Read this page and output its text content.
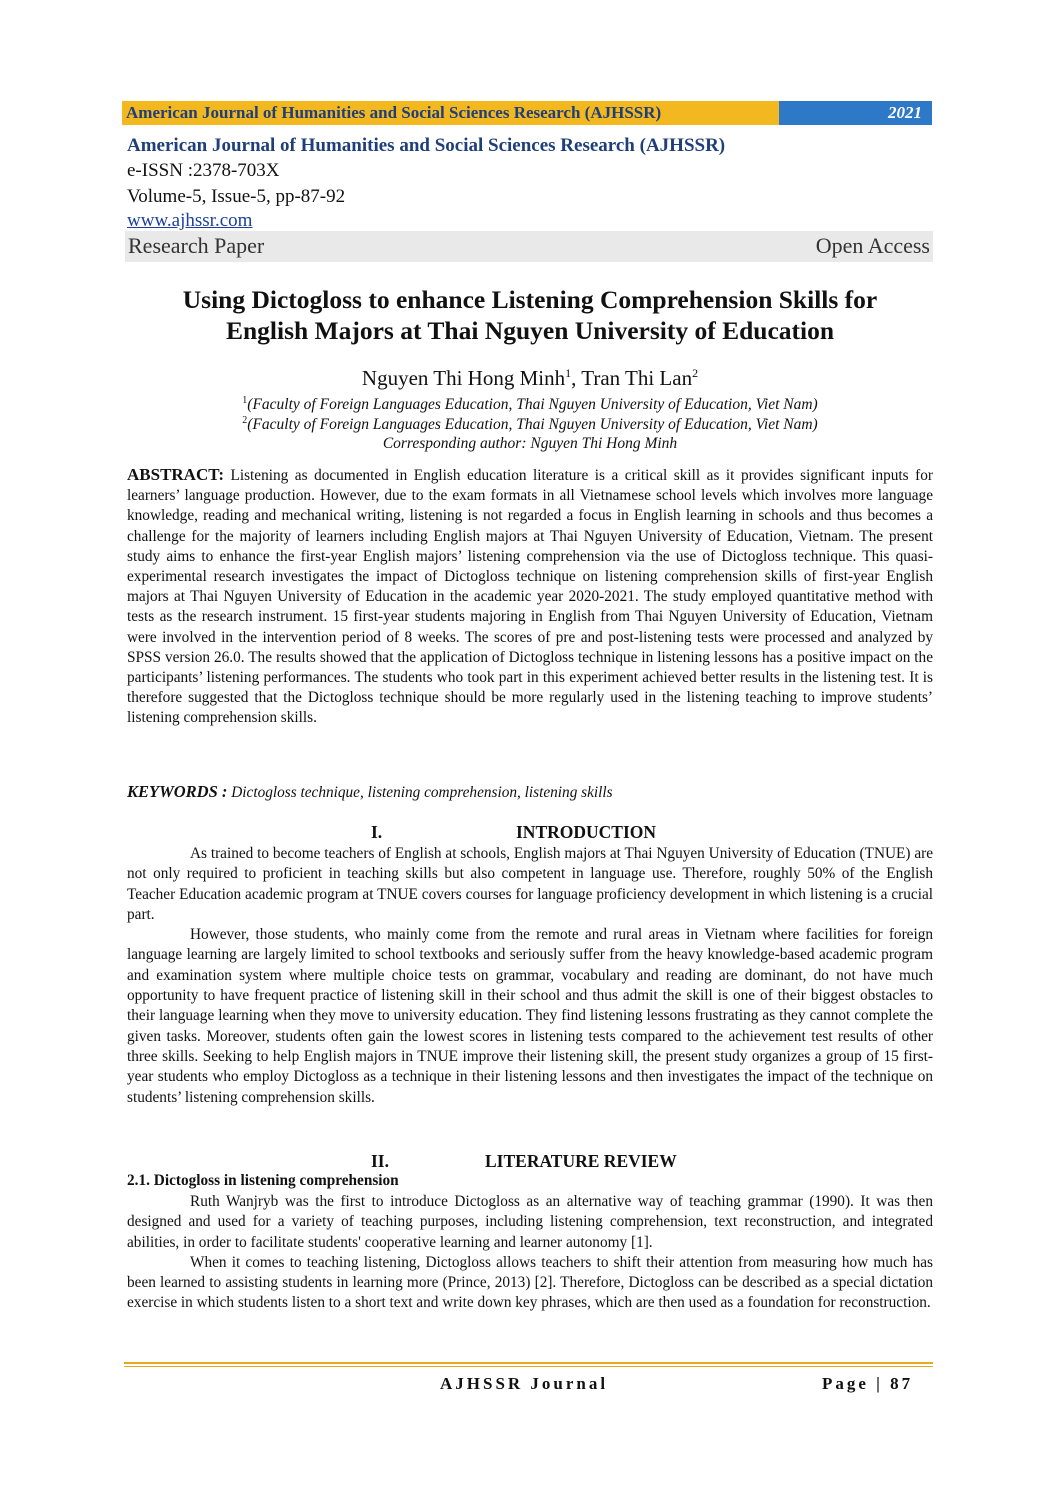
American Journal of Humanities and Social Sciences Research (AJHSSR)	2021
American Journal of Humanities and Social Sciences Research (AJHSSR)
e-ISSN :2378-703X
Volume-5, Issue-5, pp-87-92
www.ajhssr.com
Research Paper	Open Access
Using Dictogloss to enhance Listening Comprehension Skills for
English Majors at Thai Nguyen University of Education
Nguyen Thi Hong Minh$^1$, Tran Thi Lan$^2$
$^1$(Faculty of Foreign Languages Education, Thai Nguyen University of Education, Viet Nam)
$^2$(Faculty of Foreign Languages Education, Thai Nguyen University of Education, Viet Nam)
Corresponding author: Nguyen Thi Hong Minh
ABSTRACT: Listening as documented in English education literature is a critical skill as it provides significant inputs for learners’ language production. However, due to the exam formats in all Vietnamese school levels which involves more language knowledge, reading and mechanical writing, listening is not regarded a focus in English learning in schools and thus becomes a challenge for the majority of learners including English majors at Thai Nguyen University of Education, Vietnam. The present study aims to enhance the first-year English majors’ listening comprehension via the use of Dictogloss technique. This quasi-experimental research investigates the impact of Dictogloss technique on listening comprehension skills of first-year English majors at Thai Nguyen University of Education in the academic year 2020-2021. The study employed quantitative method with tests as the research instrument. 15 first-year students majoring in English from Thai Nguyen University of Education, Vietnam were involved in the intervention period of 8 weeks. The scores of pre and post-listening tests were processed and analyzed by SPSS version 26.0. The results showed that the application of Dictogloss technique in listening lessons has a positive impact on the participants’ listening performances. The students who took part in this experiment achieved better results in the listening test. It is therefore suggested that the Dictogloss technique should be more regularly used in the listening teaching to improve students’ listening comprehension skills.
KEYWORDS : Dictogloss technique, listening comprehension, listening skills
I.	INTRODUCTION

As trained to become teachers of English at schools, English majors at Thai Nguyen University of Education (TNUE) are not only required to proficient in teaching skills but also competent in language use. Therefore, roughly 50% of the English Teacher Education academic program at TNUE covers courses for language proficiency development in which listening is a crucial part.

However, those students, who mainly come from the remote and rural areas in Vietnam where facilities for foreign language learning are largely limited to school textbooks and seriously suffer from the heavy knowledge-based academic program and examination system where multiple choice tests on grammar, vocabulary and reading are dominant, do not have much opportunity to have frequent practice of listening skill in their school and thus admit the skill is one of their biggest obstacles to their language learning when they move to university education. They find listening lessons frustrating as they cannot complete the given tasks. Moreover, students often gain the lowest scores in listening tests compared to the achievement test results of other three skills. Seeking to help English majors in TNUE improve their listening skill, the present study organizes a group of 15 first-year students who employ Dictogloss as a technique in their listening lessons and then investigates the impact of the technique on students’ listening comprehension skills.

II.	LITERATURE REVIEW
2.1. Dictogloss in listening comprehension

Ruth Wanjryb was the first to introduce Dictogloss as an alternative way of teaching grammar (1990). It was then designed and used for a variety of teaching purposes, including listening comprehension, text reconstruction, and integrated abilities, in order to facilitate students' cooperative learning and learner autonomy [1].

When it comes to teaching listening, Dictogloss allows teachers to shift their attention from measuring how much has been learned to assisting students in learning more (Prince, 2013) [2]. Therefore, Dictogloss can be described as a special dictation exercise in which students listen to a short text and write down key phrases, which are then used as a foundation for reconstruction.

AJHSSR Journal	Page | 87
